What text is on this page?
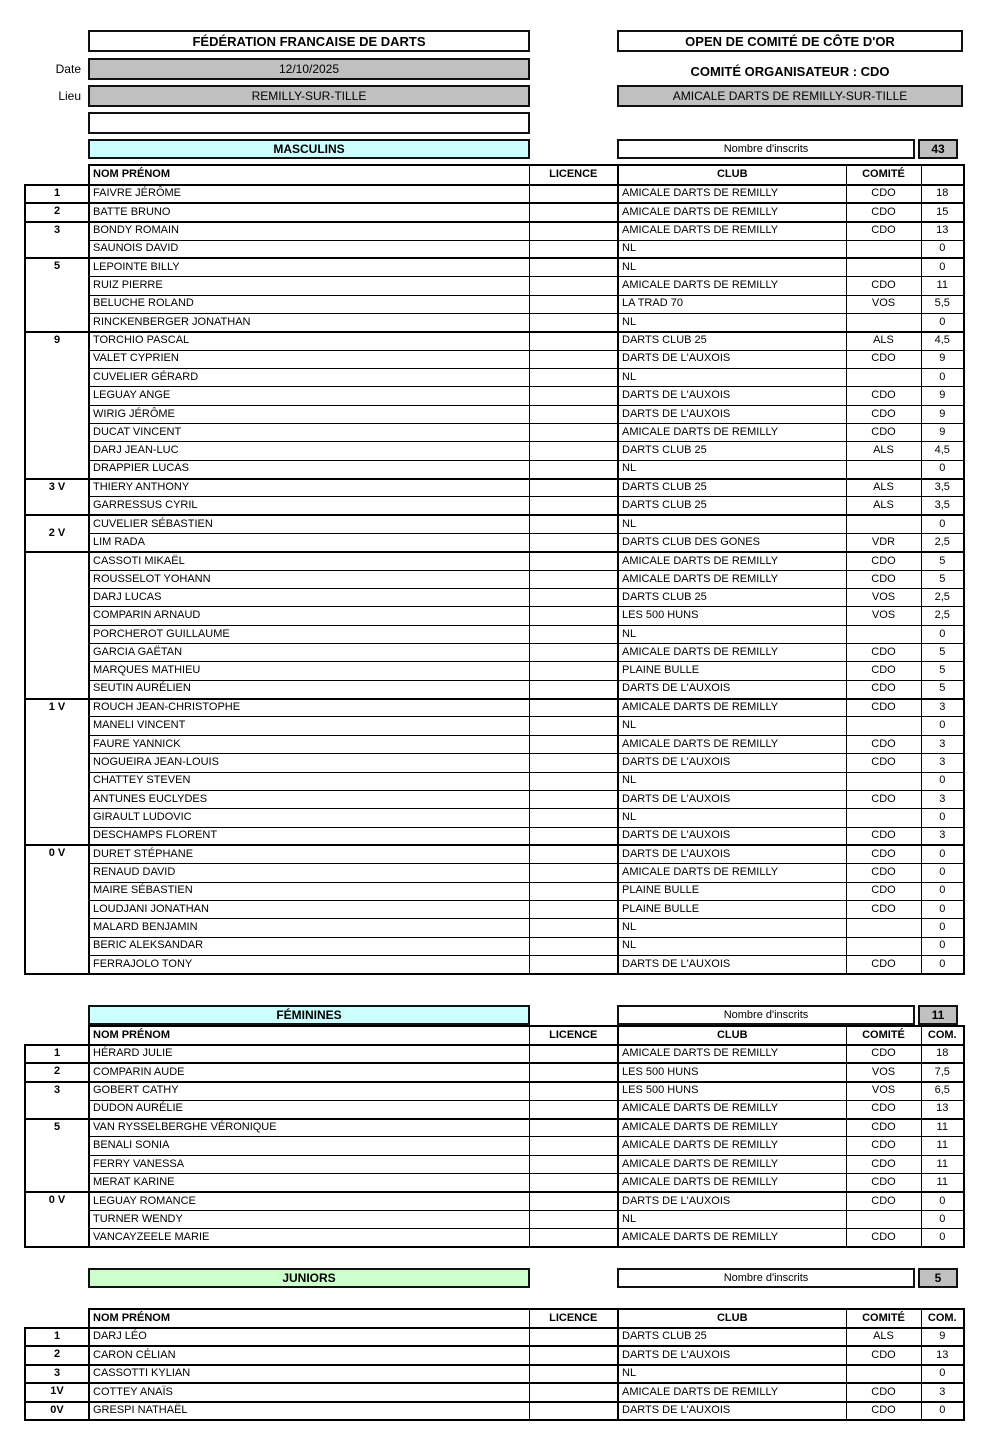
FÉDÉRATION FRANCAISE DE DARTS
Date	12/10/2025
Lieu	REMILLY-SUR-TILLE
OPEN DE COMITÉ DE CÔTE D'OR
COMITÉ ORGANISATEUR : CDO
AMICALE DARTS DE REMILLY-SUR-TILLE
MASCULINS	Nombre d'inscrits	43
	NOM PRÉNOM	LICENCE	CLUB	COMITÉ	
1	FAIVRE JÉRÔME		AMICALE DARTS DE REMILLY	CDO	18
2	BATTE BRUNO		AMICALE DARTS DE REMILLY	CDO	15
3	BONDY ROMAIN		AMICALE DARTS DE REMILLY	CDO	13
	SAUNOIS DAVID		NL		0
5	LEPOINTE BILLY		NL		0
	RUIZ PIERRE		AMICALE DARTS DE REMILLY	CDO	11
	BELUCHE ROLAND		LA TRAD 70	VOS	5,5
	RINCKENBERGER JONATHAN		NL		0
9	TORCHIO PASCAL		DARTS CLUB 25	ALS	4,5
	VALET CYPRIEN		DARTS DE L'AUXOIS	CDO	9
	CUVELIER GÉRARD		NL		0
	LEGUAY ANGE		DARTS DE L'AUXOIS	CDO	9
	WIRIG JÉRÔME		DARTS DE L'AUXOIS	CDO	9
	DUCAT VINCENT		AMICALE DARTS DE REMILLY	CDO	9
	DARJ JEAN-LUC		DARTS CLUB 25	ALS	4,5
	DRAPPIER LUCAS		NL		0
3 V	THIERY ANTHONY		DARTS CLUB 25	ALS	3,5
	GARRESSUS CYRIL		DARTS CLUB 25	ALS	3,5
2 V	CUVELIER SÉBASTIEN		NL		0
	LIM RADA		DARTS CLUB DES GONES	VDR	2,5
	CASSOTI MIKAËL		AMICALE DARTS DE REMILLY	CDO	5
	ROUSSELOT YOHANN		AMICALE DARTS DE REMILLY	CDO	5
	DARJ LUCAS		DARTS CLUB 25	VOS	2,5
	COMPARIN ARNAUD		LES 500 HUNS	VOS	2,5
	PORCHEROT GUILLAUME		NL		0
	GARCIA GAËTAN		AMICALE DARTS DE REMILLY	CDO	5
	MARQUES MATHIEU		PLAINE BULLE	CDO	5
	SEUTIN AURÉLIEN		DARTS DE L'AUXOIS	CDO	5
1 V	ROUCH JEAN-CHRISTOPHE		AMICALE DARTS DE REMILLY	CDO	3
	MANELI VINCENT		NL		0
	FAURE YANNICK		AMICALE DARTS DE REMILLY	CDO	3
	NOGUEIRA JEAN-LOUIS		DARTS DE L'AUXOIS	CDO	3
	CHATTEY STEVEN		NL		0
	ANTUNES EUCLYDES		DARTS DE L'AUXOIS	CDO	3
	GIRAULT LUDOVIC		NL		0
	DESCHAMPS FLORENT		DARTS DE L'AUXOIS	CDO	3
0 V	DURET STÉPHANE		DARTS DE L'AUXOIS	CDO	0
	RENAUD DAVID		AMICALE DARTS DE REMILLY	CDO	0
	MAIRE SÉBASTIEN		PLAINE BULLE	CDO	0
	LOUDJANI JONATHAN		PLAINE BULLE	CDO	0
	MALARD BENJAMIN		NL		0
	BERIC ALEKSANDAR		NL		0
	FERRAJOLO TONY		DARTS DE L'AUXOIS	CDO	0
FÉMININES	Nombre d'inscrits	11
	NOM PRÉNOM	LICENCE	CLUB	COMITÉ	COM.
1	HÉRARD JULIE		AMICALE DARTS DE REMILLY	CDO	18
2	COMPARIN AUDE		LES 500 HUNS	VOS	7,5
3	GOBERT CATHY		LES 500 HUNS	VOS	6,5
	DUDON AURÉLIE		AMICALE DARTS DE REMILLY	CDO	13
5	VAN RYSSELBERGHE VÉRONIQUE		AMICALE DARTS DE REMILLY	CDO	11
	BENALI SONIA		AMICALE DARTS DE REMILLY	CDO	11
	FERRY VANESSA		AMICALE DARTS DE REMILLY	CDO	11
	MERAT KARINE		AMICALE DARTS DE REMILLY	CDO	11
0 V	LEGUAY ROMANCE		DARTS DE L'AUXOIS	CDO	0
	TURNER WENDY		NL		0
	VANCAYZEELE MARIE		AMICALE DARTS DE REMILLY	CDO	0
JUNIORS	Nombre d'inscrits	5
	NOM PRÉNOM	LICENCE	CLUB	COMITÉ	COM.
1	DARJ LÉO		DARTS CLUB 25	ALS	9
2	CARON CÉLIAN		DARTS DE L'AUXOIS	CDO	13
3	CASSOTTI KYLIAN		NL		0
1V	COTTEY ANAÏS		AMICALE DARTS DE REMILLY	CDO	3
0V	GRESPI NATHAËL		DARTS DE L'AUXOIS	CDO	0
